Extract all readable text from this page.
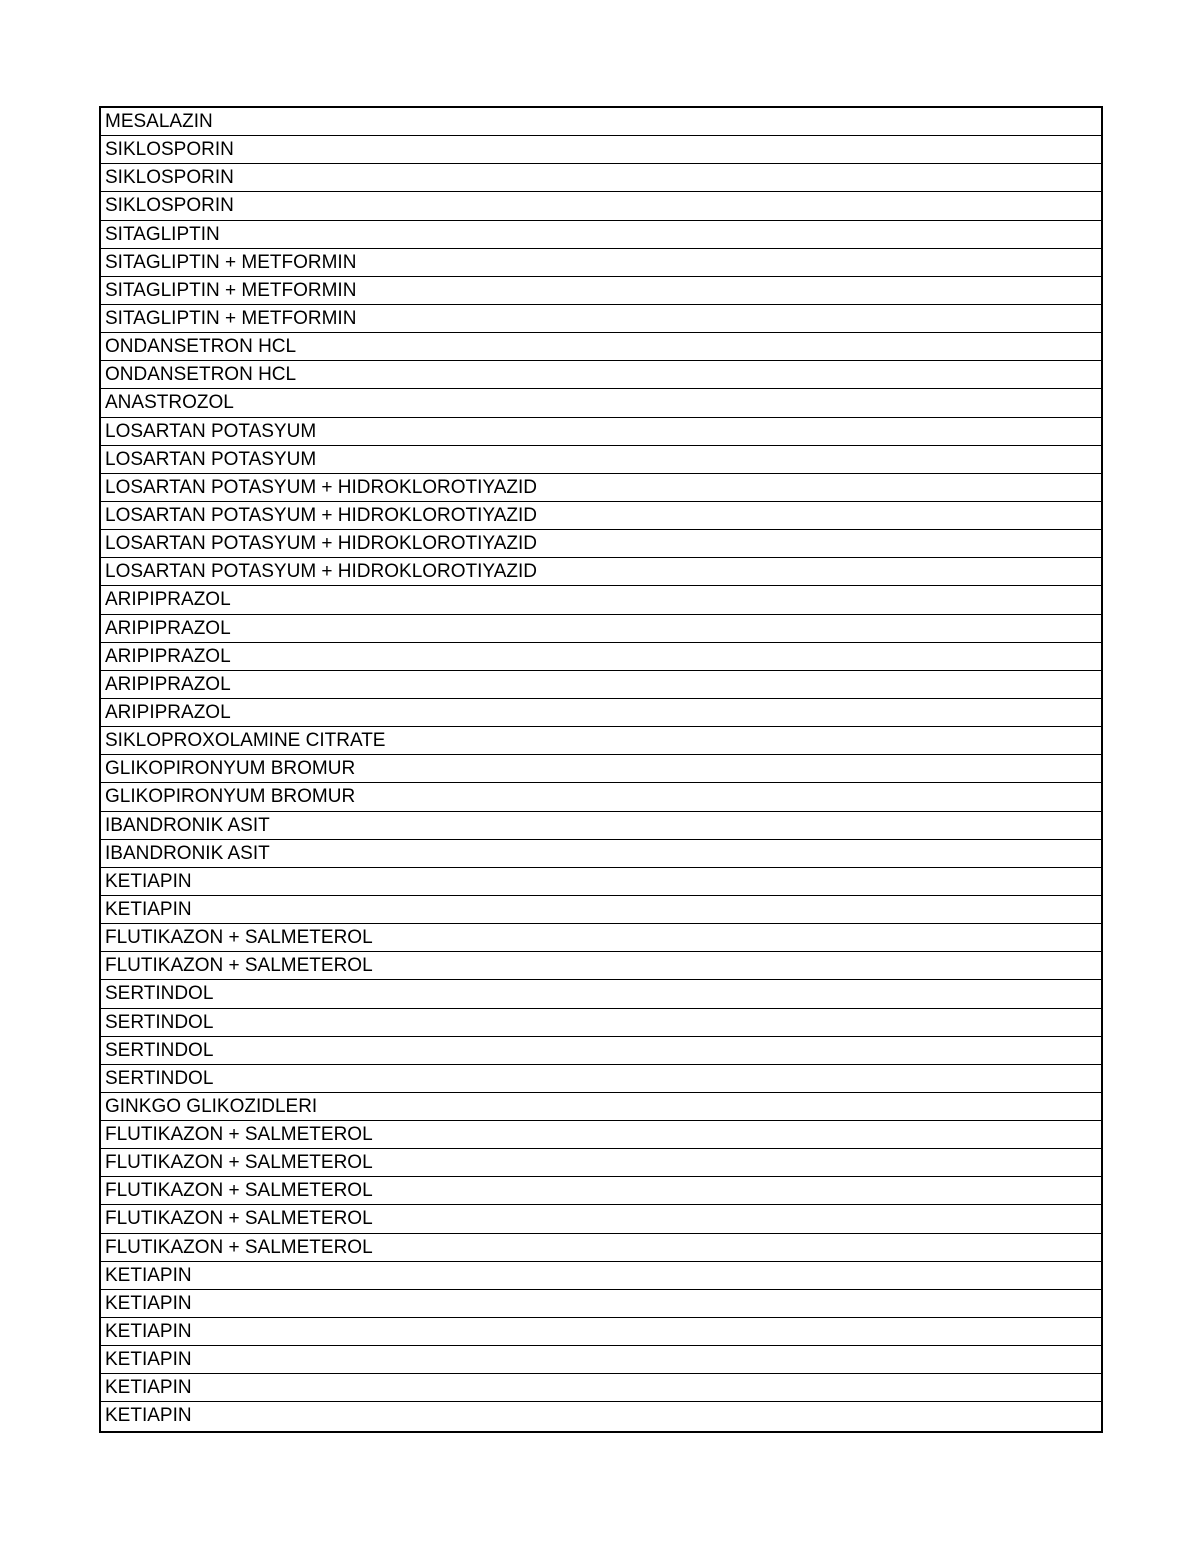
MESALAZIN
SIKLOSPORIN
SIKLOSPORIN
SIKLOSPORIN
SITAGLIPTIN
SITAGLIPTIN + METFORMIN
SITAGLIPTIN + METFORMIN
SITAGLIPTIN + METFORMIN
ONDANSETRON HCL
ONDANSETRON HCL
ANASTROZOL
LOSARTAN POTASYUM
LOSARTAN POTASYUM
LOSARTAN POTASYUM + HIDROKLOROTIYAZID
LOSARTAN POTASYUM + HIDROKLOROTIYAZID
LOSARTAN POTASYUM + HIDROKLOROTIYAZID
LOSARTAN POTASYUM + HIDROKLOROTIYAZID
ARIPIPRAZOL
ARIPIPRAZOL
ARIPIPRAZOL
ARIPIPRAZOL
ARIPIPRAZOL
SIKLOPROXOLAMINE CITRATE
GLIKOPIRONYUM BROMUR
GLIKOPIRONYUM BROMUR
IBANDRONIK ASIT
IBANDRONIK ASIT
KETIAPIN
KETIAPIN
FLUTIKAZON + SALMETEROL
FLUTIKAZON + SALMETEROL
SERTINDOL
SERTINDOL
SERTINDOL
SERTINDOL
GINKGO GLIKOZIDLERI
FLUTIKAZON + SALMETEROL
FLUTIKAZON + SALMETEROL
FLUTIKAZON + SALMETEROL
FLUTIKAZON + SALMETEROL
FLUTIKAZON + SALMETEROL
KETIAPIN
KETIAPIN
KETIAPIN
KETIAPIN
KETIAPIN
KETIAPIN
